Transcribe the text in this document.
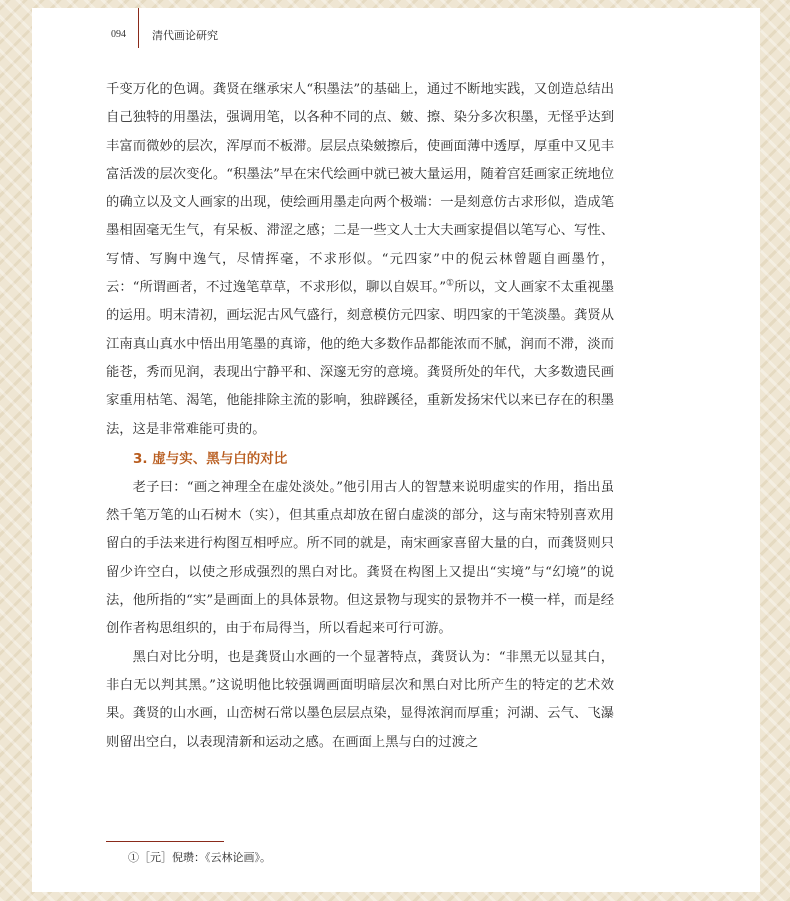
094 清代画论研究

千变万化的色调。龚贤在继承宋人“积墨法”的基础上，通过不断地实践，又创造总结出自己独特的用墨法，强调用笔，以各种不同的点、皴、擦、染分多次积墨，无怪乎达到丰富而微妙的层次，浑厚而不板滞。层层点染皴擦后，使画面薄中透厚，厚重中又见丰富活泼的层次变化。“积墨法”早在宋代绘画中就已被大量运用，随着宫廷画家正统地位的确立以及文人画家的出现，使绘画用墨走向两个极端：一是刻意仿古求形似，造成笔墨相固毫无生气，有呆板、滞涩之感；二是一些文人士大夫画家提倡以笔写心、写性、写情、写胸中逸气，尽情挥毫，不求形似。“元四家”中的倪云林曾题自画墨竹，云：“所谓画者，不过逸笔草草，不求形似，聊以自娱耳。”①所以，文人画家不太重视墨的运用。明末清初，画坛泥古风气盛行，刻意模仿元四家、明四家的干笔淡墨。龚贤从江南真山真水中悟出用笔墨的真谛，他的绝大多数作品都能浓而不腻，润而不滞，淡而能苍，秀而见润，表现出宁静平和、深邃无穷的意境。龚贤所处的年代，大多数遗民画家重用枯笔、渴笔，他能排除主流的影响，独辟蹊径，重新发扬宋代以来已存在的积墨法，这是非常难能可贵的。

3. 虚与实、黑与白的对比

老子曰：“画之神理全在虚处淡处。”他引用古人的智慧来说明虚实的作用，指出虽然千笔万笔的山石树木（实），但其重点却放在留白虚淡的部分，这与南宋特别喜欢用留白的手法来进行构图互相呼应。所不同的就是，南宋画家喜留大量的白，而龚贤则只留少许空白，以使之形成强烈的黑白对比。龚贤在构图上又提出“实境”与“幻境”的说法，他所指的“实”是画面上的具体景物。但这景物与现实的景物并不一模一样，而是经创作者构思组织的，由于布局得当，所以看起来可行可游。

黑白对比分明，也是龚贤山水画的一个显著特点，龚贤认为：“非黑无以显其白，非白无以判其黑。”这说明他比较强调画面明暗层次和黑白对比所产生的特定的艺术效果。龚贤的山水画，山峦树石常以墨色层层点染，显得浓润而厚重；河湖、云气、飞瀑则留出空白，以表现清新和运动之感。在画面上黑与白的过渡之

①［元］倪瓒：《云林论画》。
